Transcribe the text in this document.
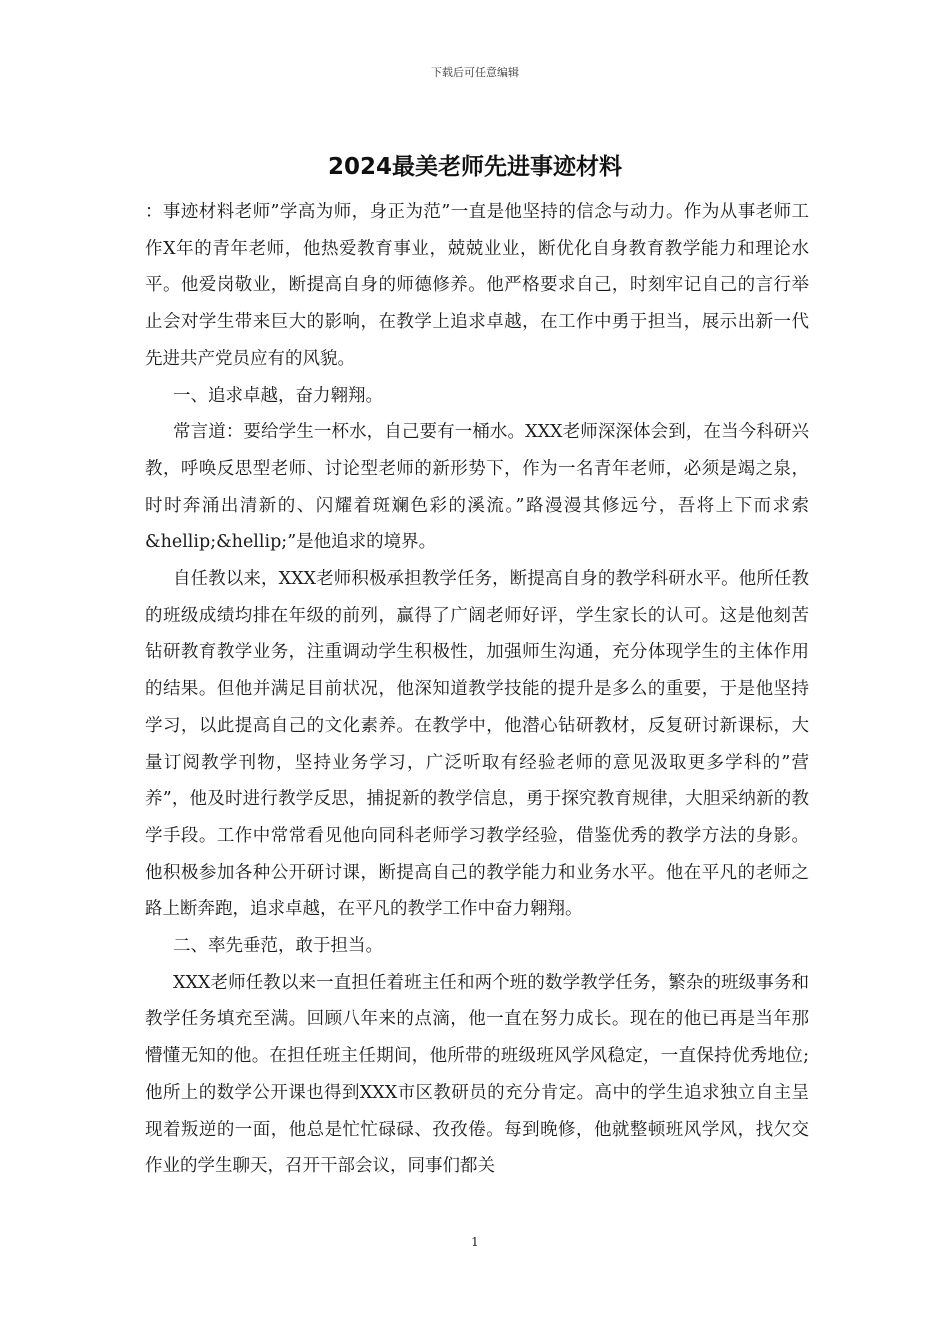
下载后可任意编辑
2024最美老师先进事迹材料

：事迹材料老师”学高为师，身正为范”一直是他坚持的信念与动力。作为从事老师工作X年的青年老师，他热爱教育事业，兢兢业业，断优化自身教育教学能力和理论水平。他爱岗敬业，断提高自身的师德修养。他严格要求自己，时刻牢记自己的言行举止会对学生带来巨大的影响，在教学上追求卓越，在工作中勇于担当，展示出新一代先进共产党员应有的风貌。

一、追求卓越，奋力翱翔。

常言道：要给学生一杯水，自己要有一桶水。XXX老师深深体会到，在当今科研兴教，呼唤反思型老师、讨论型老师的新形势下，作为一名青年老师，必须是竭之泉，时时奔涌出清新的、闪耀着斑斓色彩的溪流。”路漫漫其修远兮，吾将上下而求索&hellip;&hellip;”是他追求的境界。

自任教以来，XXX老师积极承担教学任务，断提高自身的教学科研水平。他所任教的班级成绩均排在年级的前列，赢得了广阔老师好评，学生家长的认可。这是他刻苦钻研教育教学业务，注重调动学生积极性，加强师生沟通，充分体现学生的主体作用的结果。但他并满足目前状况，他深知道教学技能的提升是多么的重要，于是他坚持学习，以此提高自己的文化素养。在教学中，他潜心钻研教材，反复研讨新课标，大量订阅教学刊物，坚持业务学习，广泛听取有经验老师的意见汲取更多学科的”营养”，他及时进行教学反思，捕捉新的教学信息，勇于探究教育规律，大胆采纳新的教学手段。工作中常常看见他向同科老师学习教学经验，借鉴优秀的教学方法的身影。他积极参加各种公开研讨课，断提高自己的教学能力和业务水平。他在平凡的老师之路上断奔跑，追求卓越，在平凡的教学工作中奋力翱翔。

二、率先垂范，敢于担当。

XXX老师任教以来一直担任着班主任和两个班的数学教学任务，繁杂的班级事务和教学任务填充至满。回顾八年来的点滴，他一直在努力成长。现在的他已再是当年那懵懂无知的他。在担任班主任期间，他所带的班级班风学风稳定，一直保持优秀地位;他所上的数学公开课也得到XXX市区教研员的充分肯定。高中的学生追求独立自主呈现着叛逆的一面，他总是忙忙碌碌、孜孜倦。每到晚修，他就整顿班风学风，找欠交作业的学生聊天，召开干部会议，同事们都关

1
